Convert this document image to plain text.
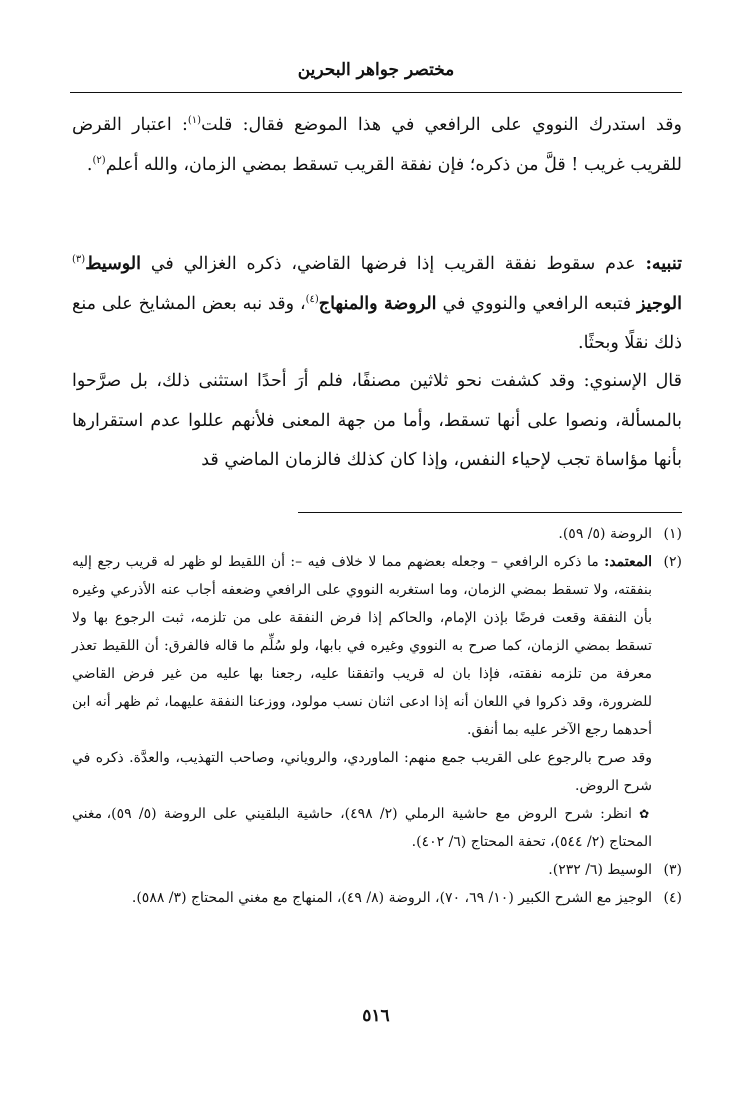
مختصر جواهر البحرين

وقد استدرك النووي على الرافعي في هذا الموضع فقال: قلت$^{(١)}$: اعتبار القرض للقريب غريب ! قلَّ من ذكره؛ فإن نفقة القريب تسقط بمضي الزمان، والله أعلم$^{(٢)}$.

تنبيه: عدم سقوط نفقة القريب إذا فرضها القاضي، ذكره الغزالي في الوسيط$^{(٣)}$ الوجيز فتبعه الرافعي والنووي في الروضة والمنهاج$^{(٤)}$، وقد نبه بعض المشايخ على منع ذلك نقلًا وبحثًا.

قال الإسنوي: وقد كشفت نحو ثلاثين مصنفًا، فلم أرَ أحدًا استثنى ذلك، بل صرَّحوا بالمسألة، ونصوا على أنها تسقط، وأما من جهة المعنى فلأنهم عللوا عدم استقرارها بأنها مؤاساة تجب لإحياء النفس، وإذا كان كذلك فالزمان الماضي قد

(١)

الروضة (٥/ ٥٩).

(٢)

المعتمد: ما ذكره الرافعي – وجعله بعضهم مما لا خلاف فيه –: أن اللقيط لو ظهر له قريب رجع إليه بنفقته، ولا تسقط بمضي الزمان، وما استغربه النووي على الرافعي وضعفه أجاب عنه الأذرعي وغيره بأن النفقة وقعت فرضًا بإذن الإمام، والحاكم إذا فرض النفقة على من تلزمه، ثبت الرجوع بها ولا تسقط بمضي الزمان، كما صرح به النووي وغيره في بابها، ولو سُلِّم ما قاله فالفرق: أن اللقيط تعذر معرفة من تلزمه نفقته، فإذا بان له قريب واتفقنا عليه، رجعنا بها عليه من غير فرض القاضي للضرورة، وقد ذكروا في اللعان أنه إذا ادعى اثنان نسب مولود، ووزعنا النفقة عليهما، ثم ظهر أنه ابن أحدهما رجع الآخر عليه بما أنفق.

وقد صرح بالرجوع على القريب جمع منهم: الماوردي، والروياني، وصاحب التهذيب، والعدَّة. ذكره في شرح الروض.

✿ انظر: شرح الروض مع حاشية الرملي (٢/ ٤٩٨)، حاشية البلقيني على الروضة (٥/ ٥٩)، مغني المحتاج (٢/ ٥٤٤)، تحفة المحتاج (٦/ ٤٠٢).

(٣)

الوسيط (٦/ ٢٣٢).

(٤)

الوجيز مع الشرح الكبير (١٠/ ٦٩، ٧٠)، الروضة (٨/ ٤٩)، المنهاج مع مغني المحتاج (٣/ ٥٨٨).

٥١٦
